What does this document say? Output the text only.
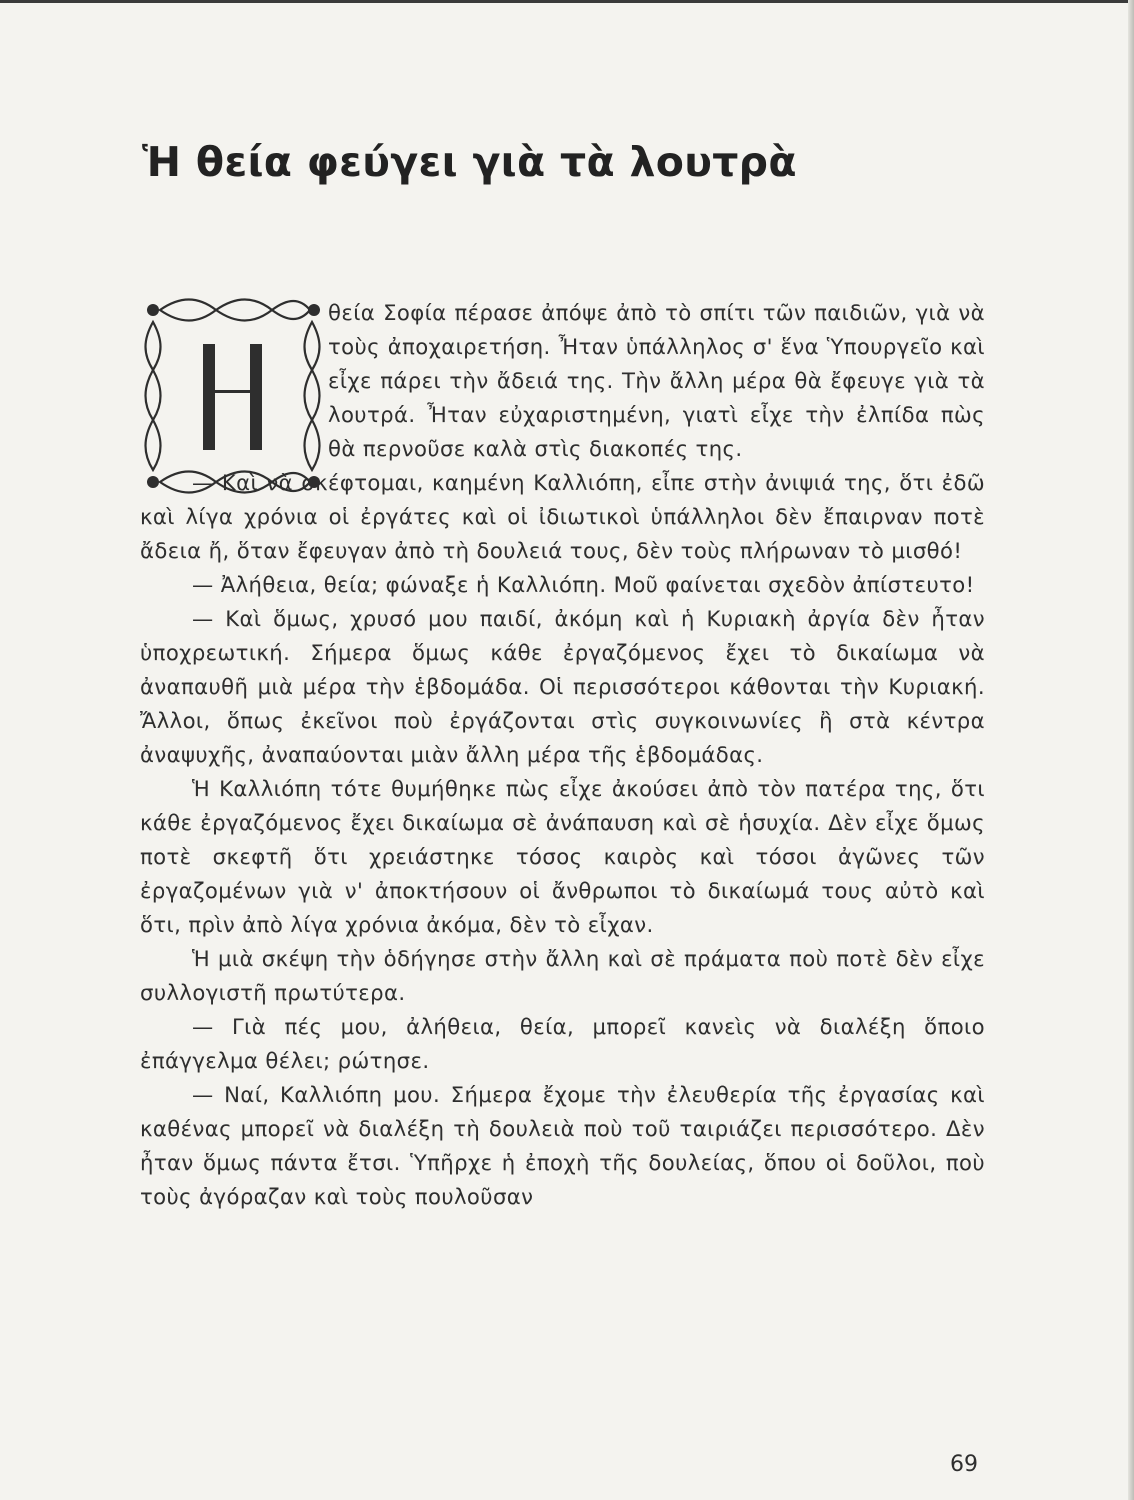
Ἡ θεία φεύγει γιὰ τὰ λουτρὰ

θεία Σοφία πέρασε ἀπόψε ἀπὸ τὸ σπίτι τῶν παιδιῶν, γιὰ νὰ τοὺς ἀποχαιρετήση. Ἦταν ὑπάλληλος σ' ἕνα Ὑπουργεῖο καὶ εἶχε πάρει τὴν ἄδειά της. Τὴν ἄλλη μέρα θὰ ἔφευγε γιὰ τὰ λουτρά. Ἦταν εὐχαριστημένη, γιατὶ εἶχε τὴν ἐλπίδα πὼς θὰ περνοῦσε καλὰ στὶς διακοπές της.

— Καὶ νὰ σκέφτομαι, καημένη Καλλιόπη, εἶπε στὴν ἀνιψιά της, ὅτι ἐδῶ καὶ λίγα χρόνια οἱ ἐργάτες καὶ οἱ ἰδιωτικοὶ ὑπάλληλοι δὲν ἔπαιρναν ποτὲ ἄδεια ἤ, ὅταν ἔφευγαν ἀπὸ τὴ δουλειά τους, δὲν τοὺς πλήρωναν τὸ μισθό!

— Ἀλήθεια, θεία; φώναξε ἡ Καλλιόπη. Μοῦ φαίνεται σχεδὸν ἀπίστευτο!

— Καὶ ὅμως, χρυσό μου παιδί, ἀκόμη καὶ ἡ Κυριακὴ ἀργία δὲν ἦταν ὑποχρεωτική. Σήμερα ὅμως κάθε ἐργαζόμενος ἔχει τὸ δικαίωμα νὰ ἀναπαυθῆ μιὰ μέρα τὴν ἑβδομάδα. Οἱ περισσότεροι κάθονται τὴν Κυριακή. Ἄλλοι, ὅπως ἐκεῖνοι ποὺ ἐργάζονται στὶς συγκοινωνίες ἢ στὰ κέντρα ἀναψυχῆς, ἀναπαύονται μιὰν ἄλλη μέρα τῆς ἑβδομάδας.

Ἡ Καλλιόπη τότε θυμήθηκε πὼς εἶχε ἀκούσει ἀπὸ τὸν πατέρα της, ὅτι κάθε ἐργαζόμενος ἔχει δικαίωμα σὲ ἀνάπαυση καὶ σὲ ἡσυχία. Δὲν εἶχε ὅμως ποτὲ σκεφτῆ ὅτι χρειάστηκε τόσος καιρὸς καὶ τόσοι ἀγῶνες τῶν ἐργαζομένων γιὰ ν' ἀποκτήσουν οἱ ἄνθρωποι τὸ δικαίωμά τους αὐτὸ καὶ ὅτι, πρὶν ἀπὸ λίγα χρόνια ἀκόμα, δὲν τὸ εἶχαν.

Ἡ μιὰ σκέψη τὴν ὁδήγησε στὴν ἄλλη καὶ σὲ πράματα ποὺ ποτὲ δὲν εἶχε συλλογιστῆ πρωτύτερα.

— Γιὰ πές μου, ἀλήθεια, θεία, μπορεῖ κανεὶς νὰ διαλέξη ὅποιο ἐπάγγελμα θέλει; ρώτησε.

— Ναί, Καλλιόπη μου. Σήμερα ἔχομε τὴν ἐλευθερία τῆς ἐργασίας καὶ καθένας μπορεῖ νὰ διαλέξη τὴ δουλειὰ ποὺ τοῦ ταιριάζει περισσότερο. Δὲν ἦταν ὅμως πάντα ἔτσι. Ὑπῆρχε ἡ ἐποχὴ τῆς δουλείας, ὅπου οἱ δοῦλοι, ποὺ τοὺς ἀγόραζαν καὶ τοὺς πουλοῦσαν

69
